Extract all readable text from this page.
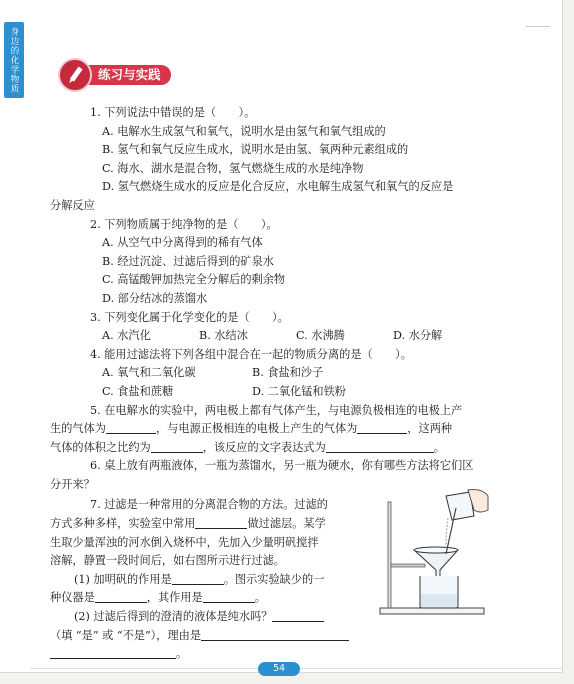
身边的化学物质	练习与实践
1. 下列说法中错误的是（　　）。
A. 电解水生成氢气和氧气，说明水是由氢气和氧气组成的
B. 氢气和氧气反应生成水，说明水是由氢、氧两种元素组成的
C. 海水、湖水是混合物，氢气燃烧生成的水是纯净物
D. 氢气燃烧生成水的反应是化合反应，水电解生成氢气和氧气的反应是
分解反应
2. 下列物质属于纯净物的是（　　）。
A. 从空气中分离得到的稀有气体
B. 经过沉淀、过滤后得到的矿泉水
C. 高锰酸钾加热完全分解后的剩余物
D. 部分结冰的蒸馏水
3. 下列变化属于化学变化的是（　　）。
A. 水汽化	B. 水结冰	C. 水沸腾	D. 水分解
4. 能用过滤法将下列各组中混合在一起的物质分离的是（　　）。
A. 氧气和二氧化碳	B. 食盐和沙子
C. 食盐和蔗糖	D. 二氧化锰和铁粉
5. 在电解水的实验中，两电极上都有气体产生，与电源负极相连的电极上产
生的气体为	，与电源正极相连的电极上产生的气体为	，这两种
气体的体积之比约为	，该反应的文字表达式为	。
6. 桌上放有两瓶液体，一瓶为蒸馏水，另一瓶为硬水，你有哪些方法将它们区
分开来？
7. 过滤是一种常用的分离混合物的方法。过滤的
方式多种多样，实验室中常用	做过滤层。某学
生取少量浑浊的河水倒入烧杯中，先加入少量明矾搅拌
溶解，静置一段时间后，如右图所示进行过滤。
(1) 加明矾的作用是	。图示实验缺少的一
种仪器是	，其作用是	。
(2) 过滤后得到的澄清的液体是纯水吗？
（填 “是” 或 “不是”），理由是
。
54
